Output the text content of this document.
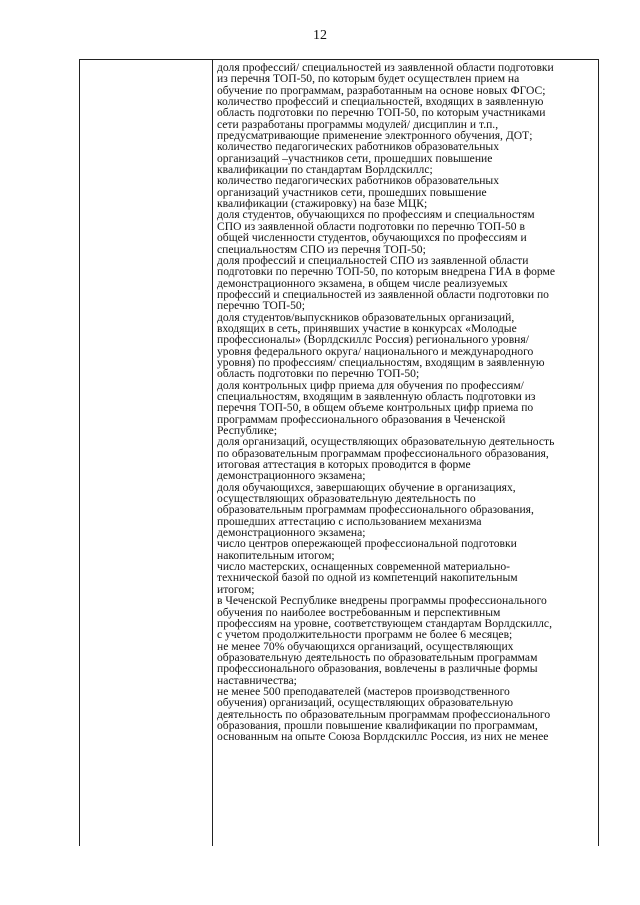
12
доля профессий/ специальностей из заявленной области подготовки
из перечня ТОП-50, по которым будет осуществлен прием на
обучение по программам, разработанным на основе новых ФГОС;
количество профессий и специальностей, входящих в заявленную
область подготовки по перечню ТОП-50, по которым участниками
сети разработаны программы модулей/ дисциплин и т.п.,
предусматривающие применение электронного обучения, ДОТ;
количество педагогических работников образовательных
организаций –участников сети, прошедших повышение
квалификации по стандартам Ворлдскиллс;
количество педагогических работников образовательных
организаций участников сети, прошедших повышение
квалификации (стажировку) на базе МЦК;
доля студентов, обучающихся по профессиям и специальностям
СПО из заявленной области подготовки по перечню ТОП-50 в
общей численности студентов, обучающихся по профессиям и
специальностям СПО из перечня ТОП-50;
доля профессий и специальностей СПО из заявленной области
подготовки по перечню ТОП-50, по которым внедрена ГИА в форме
демонстрационного экзамена, в общем числе реализуемых
профессий и специальностей из заявленной области подготовки по
перечню ТОП-50;
доля студентов/выпускников образовательных организаций,
входящих в сеть, принявших участие в конкурсах «Молодые
профессионалы» (Ворлдскиллс Россия) регионального уровня/
уровня федерального округа/ национального и международного
уровня) по профессиям/ специальностям, входящим в заявленную
область подготовки по перечню ТОП-50;
доля контрольных цифр приема для обучения по профессиям/
специальностям, входящим в заявленную область подготовки из
перечня ТОП-50, в общем объеме контрольных цифр приема по
программам профессионального образования в Чеченской
Республике;
доля организаций, осуществляющих образовательную деятельность
по образовательным программам профессионального образования,
итоговая аттестация в которых проводится в форме
демонстрационного экзамена;
доля обучающихся, завершающих обучение в организациях,
осуществляющих образовательную деятельность по
образовательным программам профессионального образования,
прошедших аттестацию с использованием механизма
демонстрационного экзамена;
число центров опережающей профессиональной подготовки
накопительным итогом;
число мастерских, оснащенных современной материально-
технической базой по одной из компетенций накопительным
итогом;
в Чеченской Республике внедрены программы профессионального
обучения по наиболее востребованным и перспективным
профессиям на уровне, соответствующем стандартам Ворлдскиллс,
с учетом продолжительности программ не более 6 месяцев;
не менее 70% обучающихся организаций, осуществляющих
образовательную деятельность по образовательным программам
профессионального образования, вовлечены в различные формы
наставничества;
не менее 500 преподавателей (мастеров производственного
обучения) организаций, осуществляющих образовательную
деятельность по образовательным программам профессионального
образования, прошли повышение квалификации по программам,
основанным на опыте Союза Ворлдскиллс Россия, из них не менее
